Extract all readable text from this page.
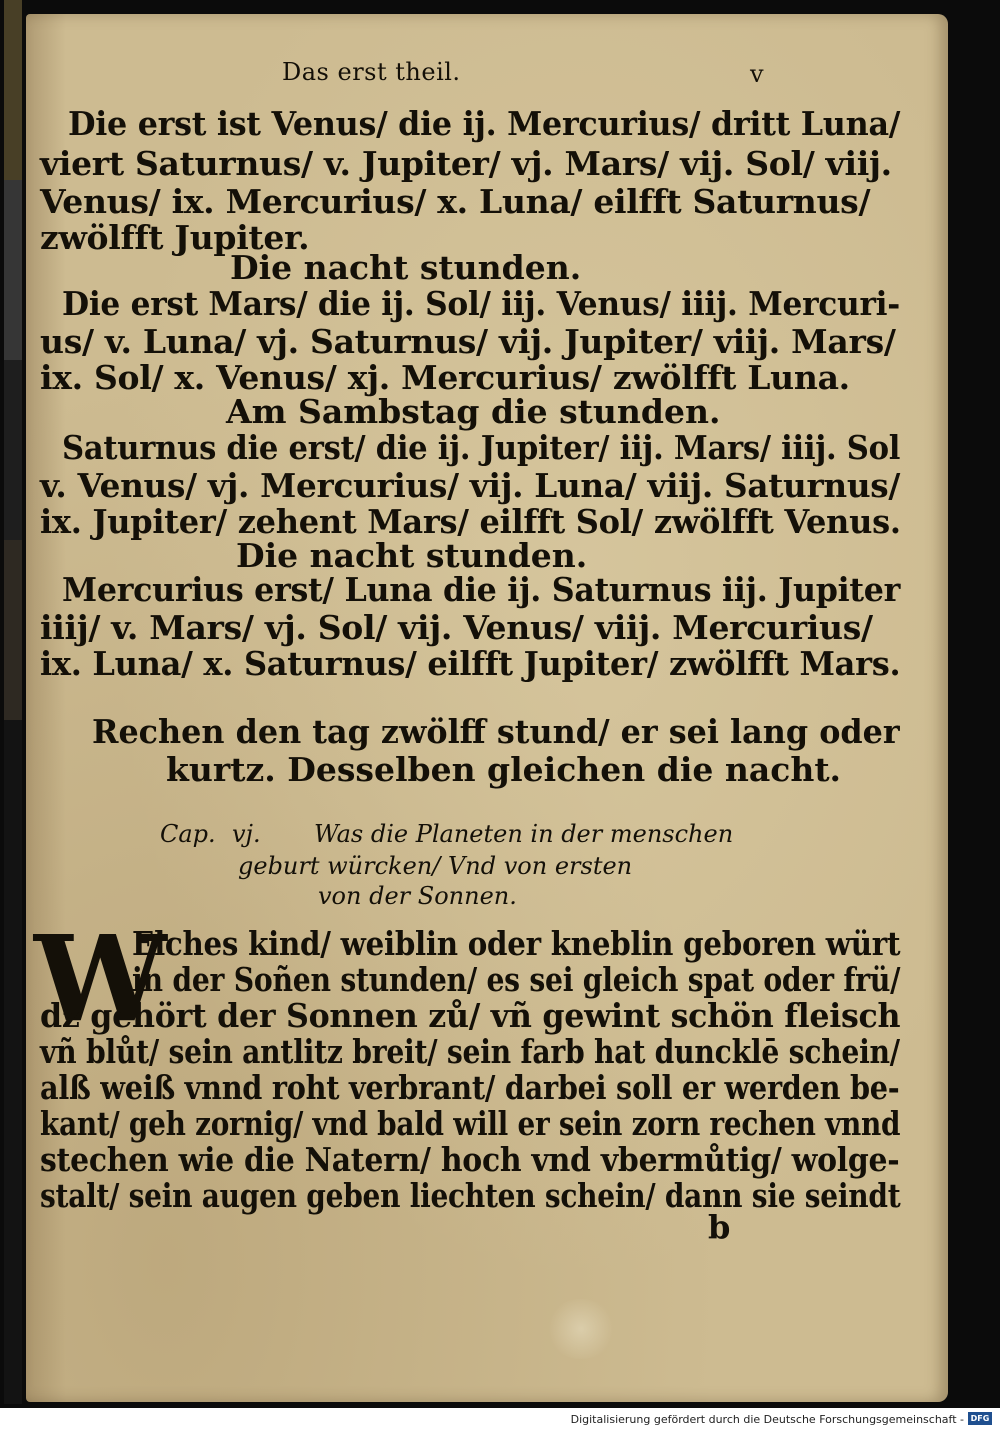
Das erst theil.	v
Die erst ist Venus/ die ij. Mercurius/ dritt Luna/
viert Saturnus/ v. Jupiter/ vj. Mars/ vij. Sol/ viij.
Venus/ ix. Mercurius/ x. Luna/ eilfft Saturnus/
zwölfft Jupiter.
Die nacht stunden.
Die erst Mars/ die ij. Sol/ iij. Venus/ iiij. Mercuri-
us/ v. Luna/ vj. Saturnus/ vij. Jupiter/ viij. Mars/
ix. Sol/ x. Venus/ xj. Mercurius/ zwölfft Luna.
Am Sambstag die stunden.
Saturnus die erst/ die ij. Jupiter/ iij. Mars/ iiij. Sol
v. Venus/ vj. Mercurius/ vij. Luna/ viij. Saturnus/
ix. Jupiter/ zehent Mars/ eilfft Sol/ zwölfft Venus.
Die nacht stunden.
Mercurius erst/ Luna die ij. Saturnus iij. Jupiter
iiij/ v. Mars/ vj. Sol/ vij. Venus/ viij. Mercurius/
ix. Luna/ x. Saturnus/ eilfft Jupiter/ zwölfft Mars.
Rechen den tag zwölff stund/ er sei lang oder
kurtz. Desselben gleichen die nacht.
Cap. vj. Was die Planeten in der menschen
geburt würcken/ Vnd von ersten
von der Sonnen.
W
Elches kind/ weiblin oder kneblin geboren würt
in der Soñen stunden/ es sei gleich spat oder frü/
dz gehört der Sonnen zů/ vñ gewint schön fleisch
vñ blůt/ sein antlitz breit/ sein farb hat duncklē schein/
alß weiß vnnd roht verbrant/ darbei soll er werden be-
kant/ geh zornig/ vnd bald will er sein zorn rechen vnnd
stechen wie die Natern/ hoch vnd vbermůtig/ wolge-
stalt/ sein augen geben liechten schein/ dann sie seindt
b
Digitalisierung gefördert durch die Deutsche Forschungsgemeinschaft - DFG
